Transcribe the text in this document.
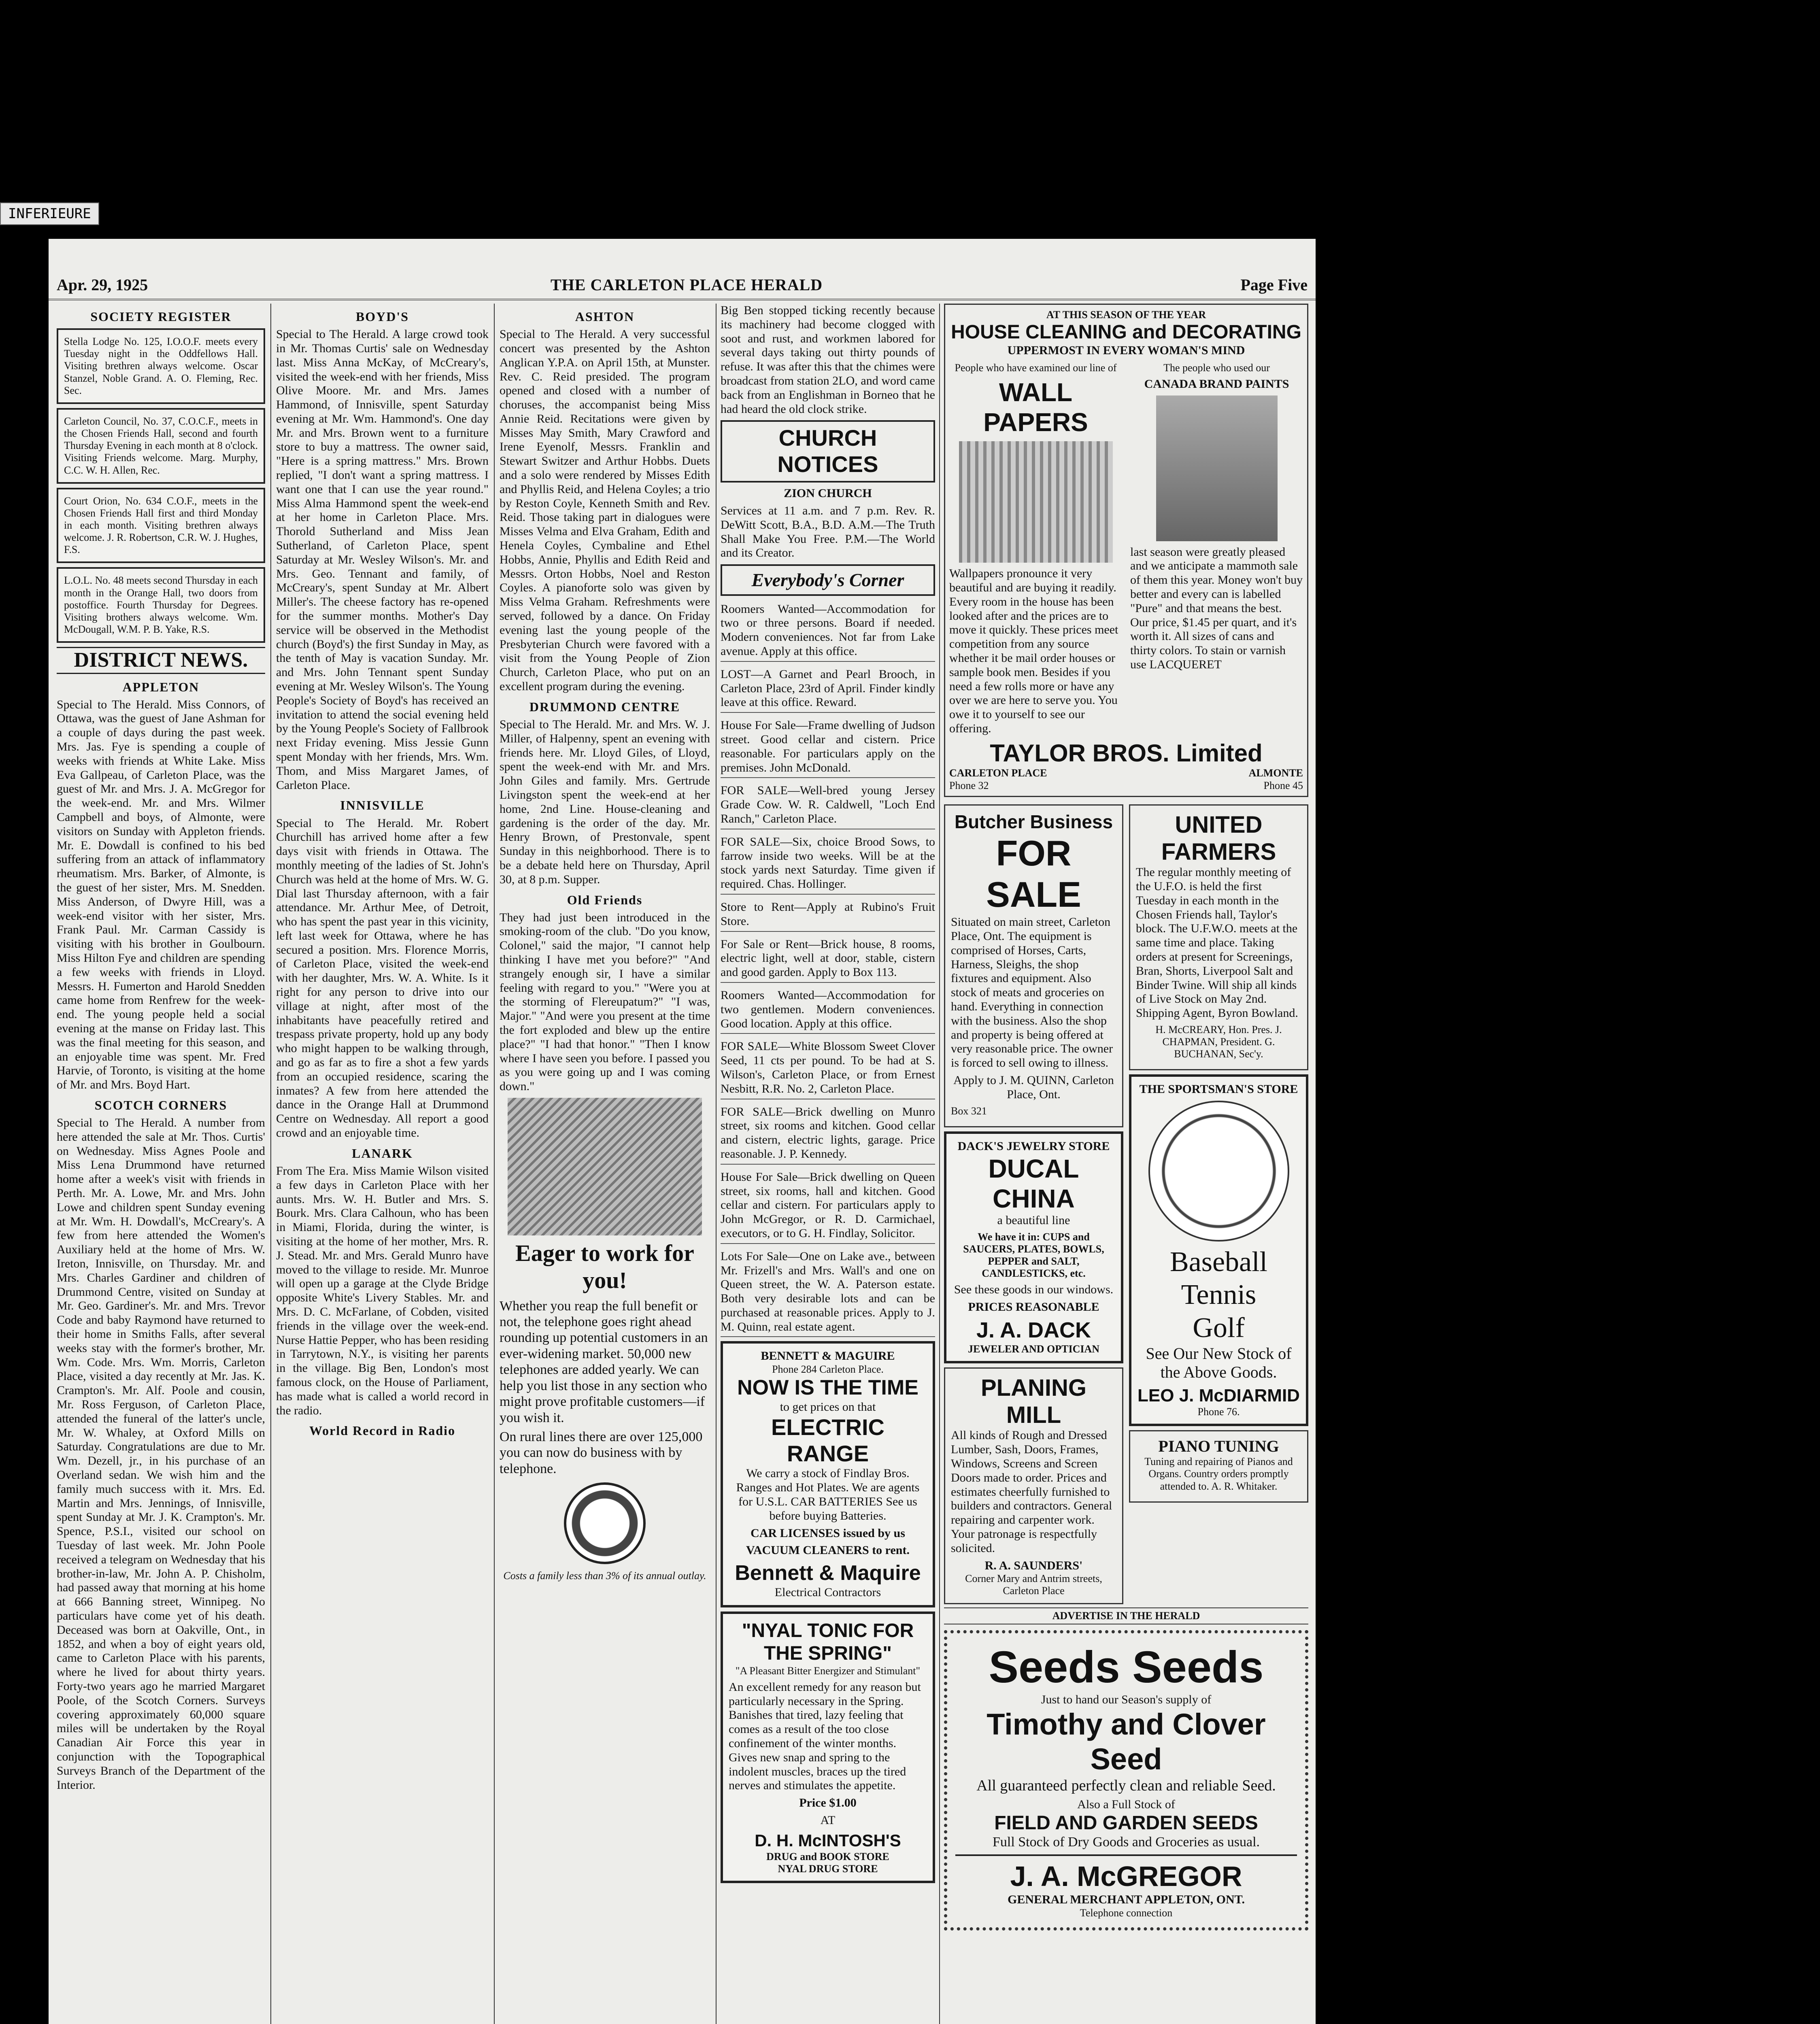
INFERIEURE
Apr. 29, 1925	THE CARLETON PLACE HERALD	Page Five
SOCIETY REGISTER

Stella Lodge No. 125, I.O.O.F. meets every Tuesday night in the Oddfellows Hall. Visiting brethren always welcome. Oscar Stanzel, Noble Grand. A. O. Fleming, Rec. Sec.

Carleton Council, No. 37, C.O.C.F., meets in the Chosen Friends Hall, second and fourth Thursday Evening in each month at 8 o'clock. Visiting Friends welcome. Marg. Murphy, C.C. W. H. Allen, Rec.

Court Orion, No. 634 C.O.F., meets in the Chosen Friends Hall first and third Monday in each month. Visiting brethren always welcome. J. R. Robertson, C.R. W. J. Hughes, F.S.

L.O.L. No. 48 meets second Thursday in each month in the Orange Hall, two doors from postoffice. Fourth Thursday for Degrees. Visiting brothers always welcome. Wm. McDougall, W.M. P. B. Yake, R.S.

DISTRICT NEWS.
APPLETON

Special to The Herald. Miss Connors, of Ottawa, was the guest of Jane Ashman for a couple of days during the past week. Mrs. Jas. Fye is spending a couple of weeks with friends at White Lake. Miss Eva Gallpeau, of Carleton Place, was the guest of Mr. and Mrs. J. A. McGregor for the week-end. Mr. and Mrs. Wilmer Campbell and boys, of Almonte, were visitors on Sunday with Appleton friends. Mr. E. Dowdall is confined to his bed suffering from an attack of inflammatory rheumatism. Mrs. Barker, of Almonte, is the guest of her sister, Mrs. M. Snedden. Miss Anderson, of Dwyre Hill, was a week-end visitor with her sister, Mrs. Frank Paul. Mr. Carman Cassidy is visiting with his brother in Goulbourn. Miss Hilton Fye and children are spending a few weeks with friends in Lloyd. Messrs. H. Fumerton and Harold Snedden came home from Renfrew for the week-end. The young people held a social evening at the manse on Friday last. This was the final meeting for this season, and an enjoyable time was spent. Mr. Fred Harvie, of Toronto, is visiting at the home of Mr. and Mrs. Boyd Hart.

SCOTCH CORNERS

Special to The Herald. A number from here attended the sale at Mr. Thos. Curtis' on Wednesday. Miss Agnes Poole and Miss Lena Drummond have returned home after a week's visit with friends in Perth. Mr. A. Lowe, Mr. and Mrs. John Lowe and children spent Sunday evening at Mr. Wm. H. Dowdall's, McCreary's. A few from here attended the Women's Auxiliary held at the home of Mrs. W. Ireton, Innisville, on Thursday. Mr. and Mrs. Charles Gardiner and children of Drummond Centre, visited on Sunday at Mr. Geo. Gardiner's. Mr. and Mrs. Trevor Code and baby Raymond have returned to their home in Smiths Falls, after several weeks stay with the former's brother, Mr. Wm. Code. Mrs. Wm. Morris, Carleton Place, visited a day recently at Mr. Jas. K. Crampton's. Mr. Alf. Poole and cousin, Mr. Ross Ferguson, of Carleton Place, attended the funeral of the latter's uncle, Mr. W. Whaley, at Oxford Mills on Saturday. Congratulations are due to Mr. Wm. Dezell, jr., in his purchase of an Overland sedan. We wish him and the family much success with it. Mrs. Ed. Martin and Mrs. Jennings, of Innisville, spent Sunday at Mr. J. K. Crampton's. Mr. Spence, P.S.I., visited our school on Tuesday of last week. Mr. John Poole received a telegram on Wednesday that his brother-in-law, Mr. John A. P. Chisholm, had passed away that morning at his home at 666 Banning street, Winnipeg. No particulars have come yet of his death. Deceased was born at Oakville, Ont., in 1852, and when a boy of eight years old, came to Carleton Place with his parents, where he lived for about thirty years. Forty-two years ago he married Margaret Poole, of the Scotch Corners. Surveys covering approximately 60,000 square miles will be undertaken by the Royal Canadian Air Force this year in conjunction with the Topographical Surveys Branch of the Department of the Interior.

BOYD'S

Special to The Herald. A large crowd took in Mr. Thomas Curtis' sale on Wednesday last. Miss Anna McKay, of McCreary's, visited the week-end with her friends, Miss Olive Moore. Mr. and Mrs. James Hammond, of Innisville, spent Saturday evening at Mr. Wm. Hammond's. One day Mr. and Mrs. Brown went to a furniture store to buy a mattress. The owner said, "Here is a spring mattress." Mrs. Brown replied, "I don't want a spring mattress. I want one that I can use the year round." Miss Alma Hammond spent the week-end at her home in Carleton Place. Mrs. Thorold Sutherland and Miss Jean Sutherland, of Carleton Place, spent Saturday at Mr. Wesley Wilson's. Mr. and Mrs. Geo. Tennant and family, of McCreary's, spent Sunday at Mr. Albert Miller's. The cheese factory has re-opened for the summer months. Mother's Day service will be observed in the Methodist church (Boyd's) the first Sunday in May, as the tenth of May is vacation Sunday. Mr. and Mrs. John Tennant spent Sunday evening at Mr. Wesley Wilson's. The Young People's Society of Boyd's has received an invitation to attend the social evening held by the Young People's Society of Fallbrook next Friday evening. Miss Jessie Gunn spent Monday with her friends, Mrs. Wm. Thom, and Miss Margaret James, of Carleton Place.

INNISVILLE

Special to The Herald. Mr. Robert Churchill has arrived home after a few days visit with friends in Ottawa. The monthly meeting of the ladies of St. John's Church was held at the home of Mrs. W. G. Dial last Thursday afternoon, with a fair attendance. Mr. Arthur Mee, of Detroit, who has spent the past year in this vicinity, left last week for Ottawa, where he has secured a position. Mrs. Florence Morris, of Carleton Place, visited the week-end with her daughter, Mrs. W. A. White. Is it right for any person to drive into our village at night, after most of the inhabitants have peacefully retired and trespass private property, hold up any body who might happen to be walking through, and go as far as to fire a shot a few yards from an occupied residence, scaring the inmates? A few from here attended the dance in the Orange Hall at Drummond Centre on Wednesday. All report a good crowd and an enjoyable time.

LANARK

From The Era. Miss Mamie Wilson visited a few days in Carleton Place with her aunts. Mrs. W. H. Butler and Mrs. S. Bourk. Mrs. Clara Calhoun, who has been in Miami, Florida, during the winter, is visiting at the home of her mother, Mrs. R. J. Stead. Mr. and Mrs. Gerald Munro have moved to the village to reside. Mr. Munroe will open up a garage at the Clyde Bridge opposite White's Livery Stables. Mr. and Mrs. D. C. McFarlane, of Cobden, visited friends in the village over the week-end. Nurse Hattie Pepper, who has been residing in Tarrytown, N.Y., is visiting her parents in the village. Big Ben, London's most famous clock, on the House of Parliament, has made what is called a world record in the radio.

World Record in Radio
ASHTON

Special to The Herald. A very successful concert was presented by the Ashton Anglican Y.P.A. on April 15th, at Munster. Rev. C. Reid presided. The program opened and closed with a number of choruses, the accompanist being Miss Annie Reid. Recitations were given by Misses May Smith, Mary Crawford and Irene Eyenolf, Messrs. Franklin and Stewart Switzer and Arthur Hobbs. Duets and a solo were rendered by Misses Edith and Phyllis Reid, and Helena Coyles; a trio by Reston Coyle, Kenneth Smith and Rev. Reid. Those taking part in dialogues were Misses Velma and Elva Graham, Edith and Henela Coyles, Cymbaline and Ethel Hobbs, Annie, Phyllis and Edith Reid and Messrs. Orton Hobbs, Noel and Reston Coyles. A pianoforte solo was given by Miss Velma Graham. Refreshments were served, followed by a dance. On Friday evening last the young people of the Presbyterian Church were favored with a visit from the Young People of Zion Church, Carleton Place, who put on an excellent program during the evening.

DRUMMOND CENTRE

Special to The Herald. Mr. and Mrs. W. J. Miller, of Halpenny, spent an evening with friends here. Mr. Lloyd Giles, of Lloyd, spent the week-end with Mr. and Mrs. John Giles and family. Mrs. Gertrude Livingston spent the week-end at her home, 2nd Line. House-cleaning and gardening is the order of the day. Mr. Henry Brown, of Prestonvale, spent Sunday in this neighborhood. There is to be a debate held here on Thursday, April 30, at 8 p.m. Supper.

Old Friends

They had just been introduced in the smoking-room of the club. "Do you know, Colonel," said the major, "I cannot help thinking I have met you before?" "And strangely enough sir, I have a similar feeling with regard to you." "Were you at the storming of Flereupatum?" "I was, Major." "And were you present at the time the fort exploded and blew up the entire place?" "I had that honor." "Then I know where I have seen you before. I passed you as you were going up and I was coming down."

Eager to work for you!

Whether you reap the full benefit or not, the telephone goes right ahead rounding up potential customers in an ever-widening market. 50,000 new telephones are added yearly. We can help you list those in any section who might prove profitable customers—if you wish it.

On rural lines there are over 125,000 you can now do business with by telephone.

Costs a family less than 3% of its annual outlay.

Big Ben stopped ticking recently because its machinery had become clogged with soot and rust, and workmen labored for several days taking out thirty pounds of refuse. It was after this that the chimes were broadcast from station 2LO, and word came back from an Englishman in Borneo that he had heard the old clock strike.

CHURCH NOTICES

ZION CHURCH

Services at 11 a.m. and 7 p.m. Rev. R. DeWitt Scott, B.A., B.D. A.M.—The Truth Shall Make You Free. P.M.—The World and its Creator.

Everybody's Corner

Roomers Wanted—Accommodation for two or three persons. Board if needed. Modern conveniences. Not far from Lake avenue. Apply at this office.

LOST—A Garnet and Pearl Brooch, in Carleton Place, 23rd of April. Finder kindly leave at this office. Reward.

House For Sale—Frame dwelling of Judson street. Good cellar and cistern. Price reasonable. For particulars apply on the premises. John McDonald.

FOR SALE—Well-bred young Jersey Grade Cow. W. R. Caldwell, "Loch End Ranch," Carleton Place.

FOR SALE—Six, choice Brood Sows, to farrow inside two weeks. Will be at the stock yards next Saturday. Time given if required. Chas. Hollinger.

Store to Rent—Apply at Rubino's Fruit Store.

For Sale or Rent—Brick house, 8 rooms, electric light, well at door, stable, cistern and good garden. Apply to Box 113.

Roomers Wanted—Accommodation for two gentlemen. Modern conveniences. Good location. Apply at this office.

FOR SALE—White Blossom Sweet Clover Seed, 11 cts per pound. To be had at S. Wilson's, Carleton Place, or from Ernest Nesbitt, R.R. No. 2, Carleton Place.

FOR SALE—Brick dwelling on Munro street, six rooms and kitchen. Good cellar and cistern, electric lights, garage. Price reasonable. J. P. Kennedy.

House For Sale—Brick dwelling on Queen street, six rooms, hall and kitchen. Good cellar and cistern. For particulars apply to John McGregor, or R. D. Carmichael, executors, or to G. H. Findlay, Solicitor.

Lots For Sale—One on Lake ave., between Mr. Frizell's and Mrs. Wall's and one on Queen street, the W. A. Paterson estate. Both very desirable lots and can be purchased at reasonable prices. Apply to J. M. Quinn, real estate agent.

BENNETT & MAGUIRE
Phone 284 Carleton Place.
NOW IS THE TIME
to get prices on that
ELECTRIC RANGE

We carry a stock of Findlay Bros. Ranges and Hot Plates. We are agents for U.S.L. CAR BATTERIES See us before buying Batteries.

CAR LICENSES issued by us

VACUUM CLEANERS to rent.

Bennett & Maquire
Electrical Contractors
"NYAL TONIC FOR THE SPRING"

"A Pleasant Bitter Energizer and Stimulant"

An excellent remedy for any reason but particularly necessary in the Spring. Banishes that tired, lazy feeling that comes as a result of the too close confinement of the winter months. Gives new snap and spring to the indolent muscles, braces up the tired nerves and stimulates the appetite.

Price $1.00

AT

D. H. McINTOSH'S
DRUG and BOOK STORE
NYAL DRUG STORE
AT THIS SEASON OF THE YEAR
HOUSE CLEANING and DECORATING
UPPERMOST IN EVERY WOMAN'S MIND

People who have examined our line of

WALL PAPERS

Wallpapers pronounce it very beautiful and are buying it readily. Every room in the house has been looked after and the prices are to move it quickly. These prices meet competition from any source whether it be mail order houses or sample book men. Besides if you need a few rolls more or have any over we are here to serve you. You owe it to yourself to see our offering.

The people who used our

CANADA BRAND PAINTS

last season were greatly pleased and we anticipate a mammoth sale of them this year. Money won't buy better and every can is labelled "Pure" and that means the best. Our price, $1.45 per quart, and it's worth it. All sizes of cans and thirty colors. To stain or varnish use LACQUERET

TAYLOR BROS. Limited
CARLETON PLACE	ALMONTE
Phone 32	Phone 45
Butcher Business
FOR SALE

Situated on main street, Carleton Place, Ont. The equipment is comprised of Horses, Carts, Harness, Sleighs, the shop fixtures and equipment. Also stock of meats and groceries on hand. Everything in connection with the business. Also the shop and property is being offered at very reasonable price. The owner is forced to sell owing to illness.

Apply to J. M. QUINN, Carleton Place, Ont.

Box 321

DACK'S JEWELRY STORE
DUCAL CHINA

a beautiful line

We have it in: CUPS and SAUCERS, PLATES, BOWLS, PEPPER and SALT, CANDLESTICKS, etc.

See these goods in our windows.

PRICES REASONABLE

J. A. DACK
JEWELER AND OPTICIAN
PLANING MILL

All kinds of Rough and Dressed Lumber, Sash, Doors, Frames, Windows, Screens and Screen Doors made to order. Prices and estimates cheerfully furnished to builders and contractors. General repairing and carpenter work. Your patronage is respectfully solicited.

R. A. SAUNDERS'
Corner Mary and Antrim streets, Carleton Place
UNITED FARMERS

The regular monthly meeting of the U.F.O. is held the first Tuesday in each month in the Chosen Friends hall, Taylor's block. The U.F.W.O. meets at the same time and place. Taking orders at present for Screenings, Bran, Shorts, Liverpool Salt and Binder Twine. Will ship all kinds of Live Stock on May 2nd. Shipping Agent, Byron Bowland.

H. McCREARY, Hon. Pres. J. CHAPMAN, President. G. BUCHANAN, Sec'y.

THE SPORTSMAN'S STORE
Baseball
Tennis
Golf

See Our New Stock of the Above Goods.

LEO J. McDIARMID
Phone 76.
PIANO TUNING

Tuning and repairing of Pianos and Organs. Country orders promptly attended to. A. R. Whitaker.

ADVERTISE IN THE HERALD
Seeds Seeds
Just to hand our Season's supply of
Timothy and Clover Seed

All guaranteed perfectly clean and reliable Seed.

Also a Full Stock of
FIELD AND GARDEN SEEDS

Full Stock of Dry Goods and Groceries as usual.

J. A. McGREGOR
GENERAL MERCHANT APPLETON, ONT.
Telephone connection
